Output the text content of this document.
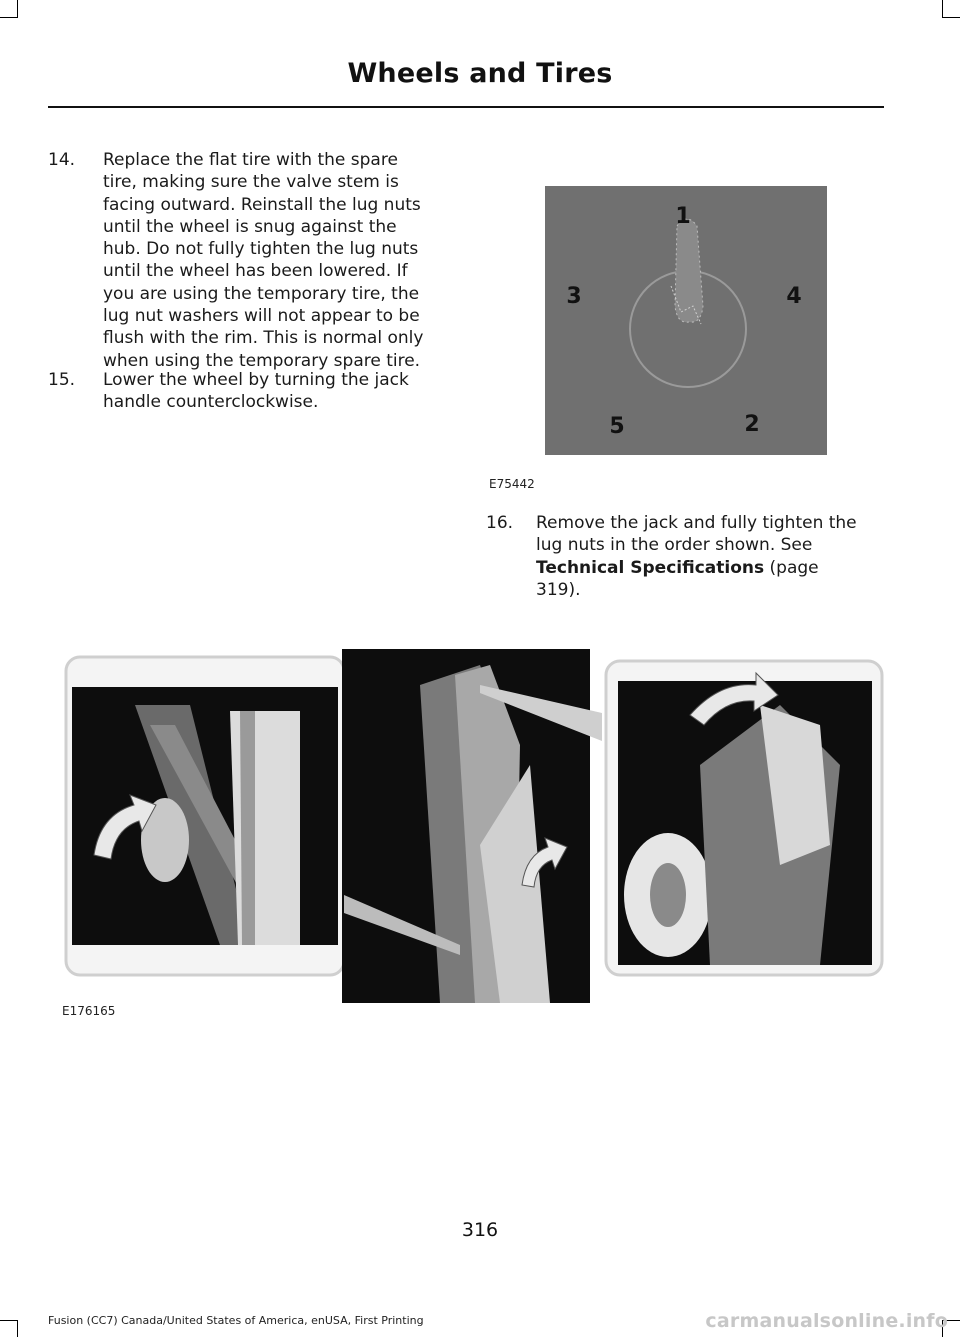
Wheels and Tires
14. Replace the flat tire with the spare
tire, making sure the valve stem is
facing outward. Reinstall the lug nuts
until the wheel is snug against the
hub. Do not fully tighten the lug nuts
until the wheel has been lowered. If
you are using the temporary tire, the
lug nut washers will not appear to be
flush with the rim. This is normal only
when using the temporary spare tire.
15. Lower the wheel by turning the jack
handle counterclockwise.
1
3	4
5	2
E75442
16. Remove the jack and fully tighten the
lug nuts in the order shown. See
Technical Specifications (page
319).
E176165
316
Fusion (CC7) Canada/United States of America, enUSA, First Printing	carmanualsonline.info
